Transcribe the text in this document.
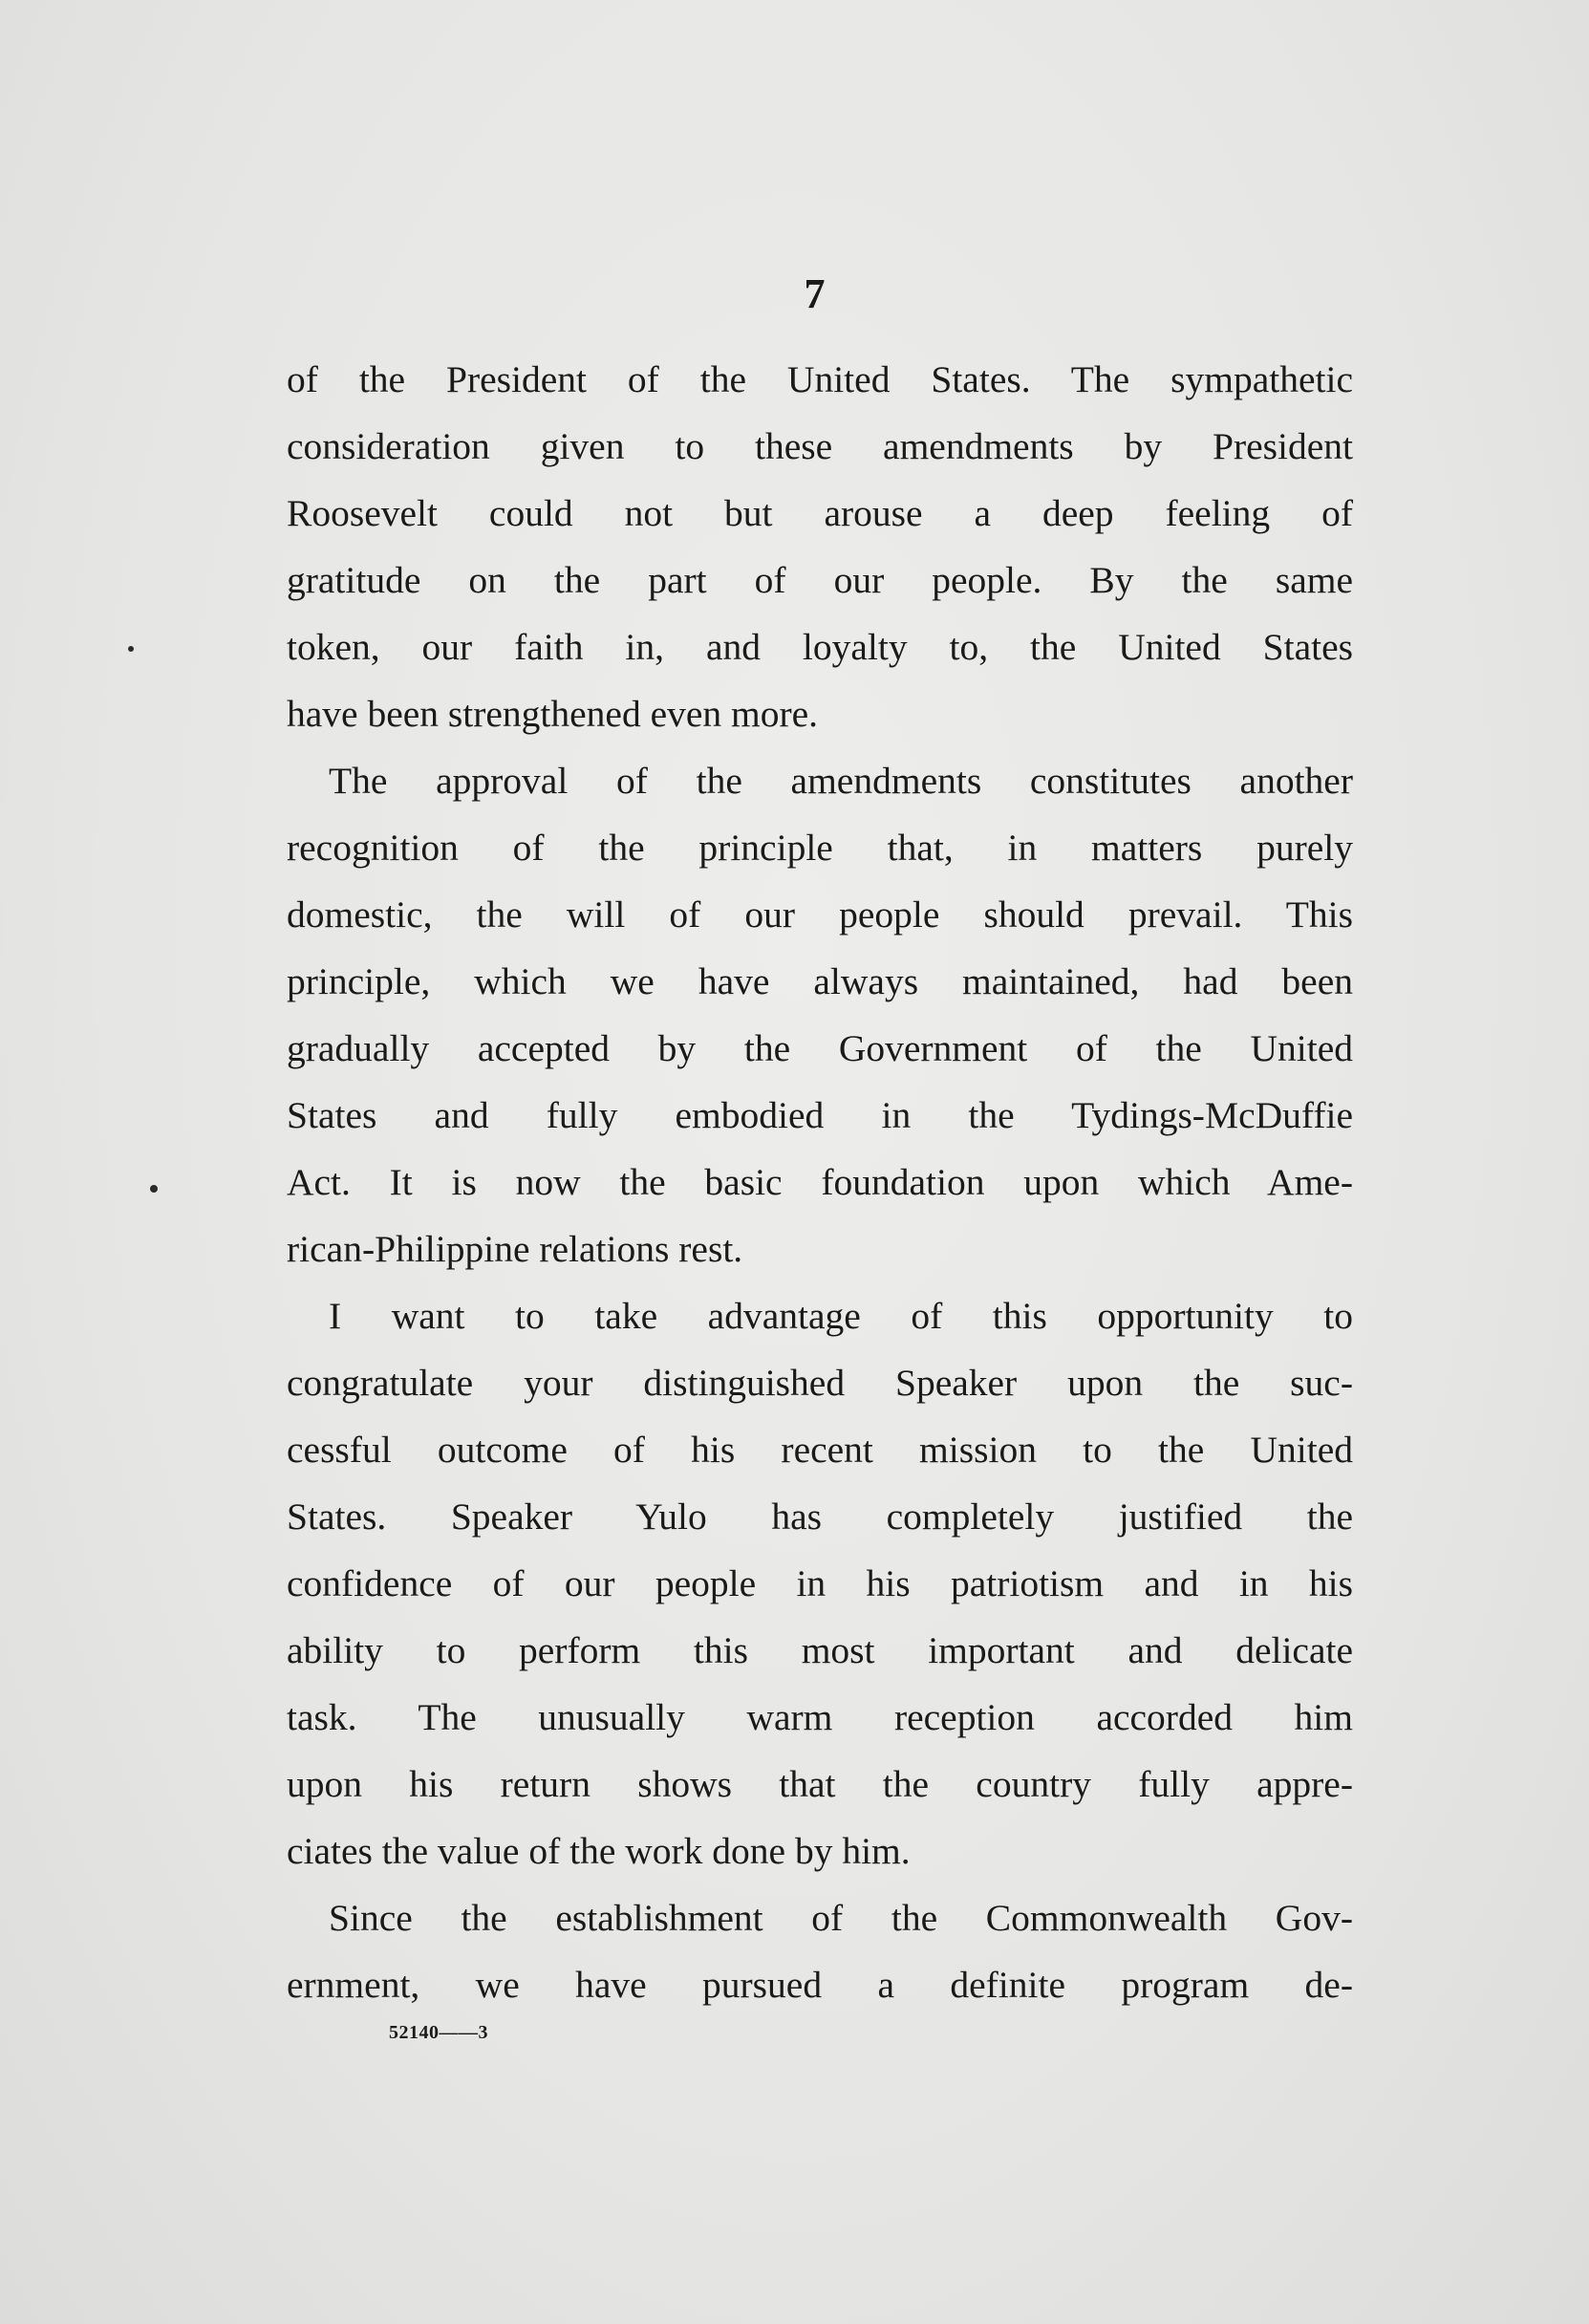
7
of the President of the United States. The sympathetic
consideration given to these amendments by President
Roosevelt could not but arouse a deep feeling of
gratitude on the part of our people. By the same
token, our faith in, and loyalty to, the United States
have been strengthened even more.
The approval of the amendments constitutes another
recognition of the principle that, in matters purely
domestic, the will of our people should prevail. This
principle, which we have always maintained, had been
gradually accepted by the Government of the United
States and fully embodied in the Tydings-McDuffie
Act. It is now the basic foundation upon which Ame-
rican-Philippine relations rest.
I want to take advantage of this opportunity to
congratulate your distinguished Speaker upon the suc-
cessful outcome of his recent mission to the United
States. Speaker Yulo has completely justified the
confidence of our people in his patriotism and in his
ability to perform this most important and delicate
task. The unusually warm reception accorded him
upon his return shows that the country fully appre-
ciates the value of the work done by him.
Since the establishment of the Commonwealth Gov-
ernment, we have pursued a definite program de-
52140——3
